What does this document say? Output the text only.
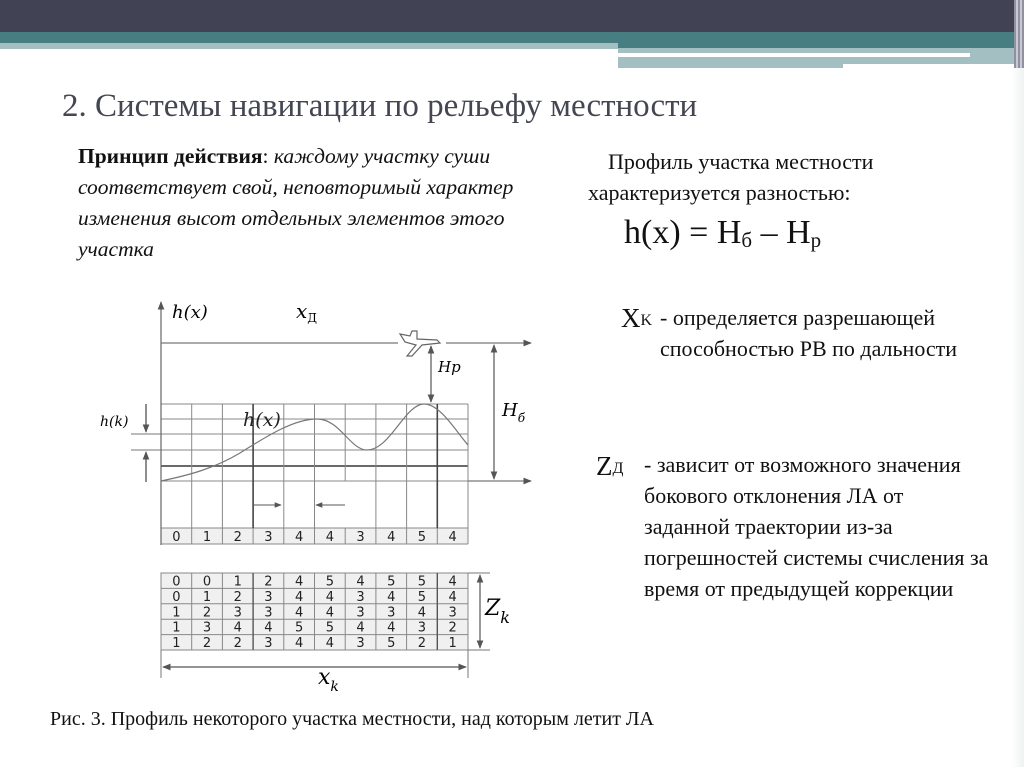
2. Системы навигации по рельефу местности
Принцип действия: каждому участку суши соответствует свой, неповторимый характер изменения высот отдельных элементов этого участка
Профиль участка местности характеризуется разностью:
$h(x) = H_б - H_p$
$X_K$ - определяется разрешающей способностью РВ по дальности
$Z_Д$ - зависит от возможного значения бокового отклонения ЛА от заданной траектории из-за погрешностей системы счисления за время от предыдущей коррекции
Рис. 3. Профиль некоторого участка местности, над которым летит ЛА
0 1 2 3 4 4 3 4 5 4
Hp
$H_б$
h(k)
h(x)	$x_Д$
h(x)
0 0 1 2 4 5 4 5 5 4
0 1 2 3 4 4 3 4 5 4
1 2 3 3 4 4 3 3 4 3
1 3 4 4 5 5 4 4 3 2
1 2 2 3 4 4 3 5 2 1
$Z_k$
$x_k$
